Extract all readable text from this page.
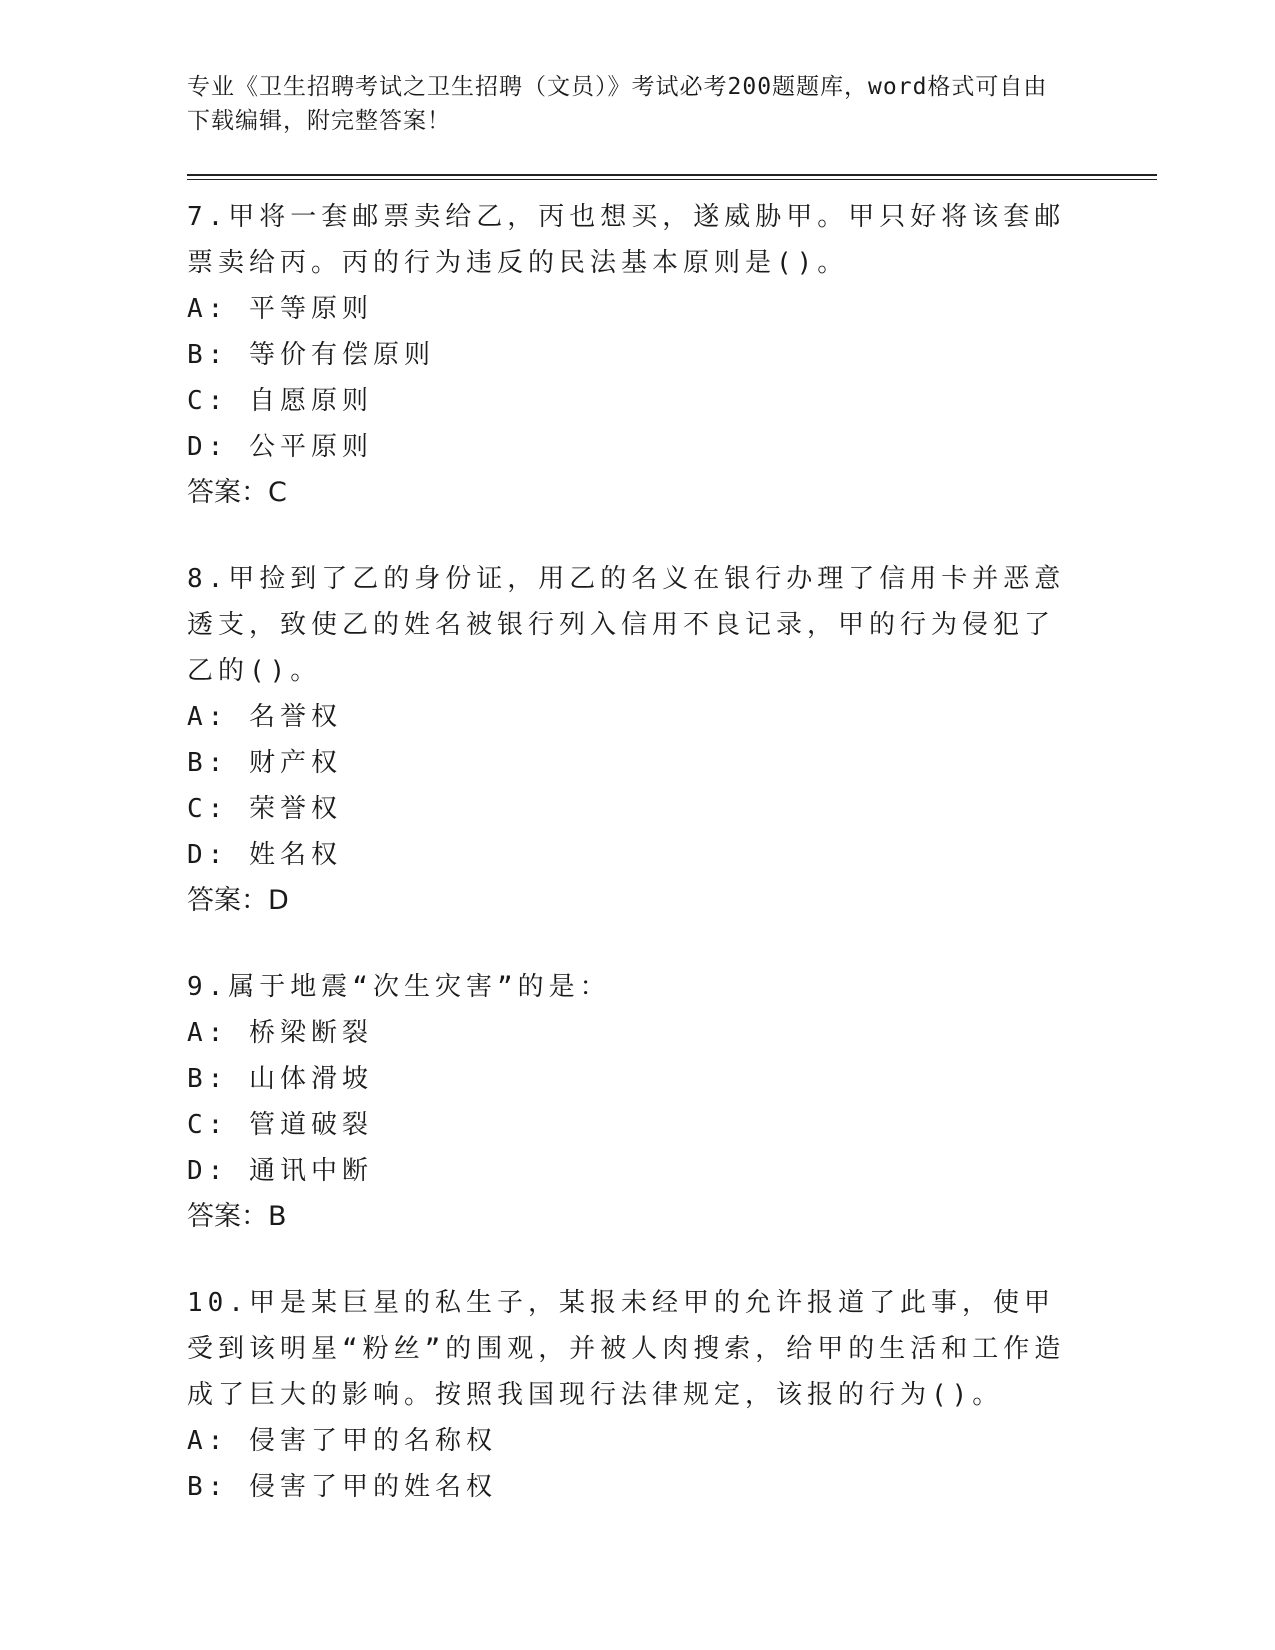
专业《卫生招聘考试之卫生招聘（文员）》考试必考200题题库，word格式可自由下载编辑，附完整答案！

7.甲将一套邮票卖给乙，丙也想买，遂威胁甲。甲只好将该套邮票卖给丙。丙的行为违反的民法基本原则是()。

A: 平等原则

B: 等价有偿原则

C: 自愿原则

D: 公平原则

答案：C

8.甲捡到了乙的身份证，用乙的名义在银行办理了信用卡并恶意透支，致使乙的姓名被银行列入信用不良记录，甲的行为侵犯了乙的()。

A: 名誉权

B: 财产权

C: 荣誉权

D: 姓名权

答案：D

9.属于地震“次生灾害”的是：

A: 桥梁断裂

B: 山体滑坡

C: 管道破裂

D: 通讯中断

答案：B

10.甲是某巨星的私生子，某报未经甲的允许报道了此事，使甲受到该明星“粉丝”的围观，并被人肉搜索，给甲的生活和工作造成了巨大的影响。按照我国现行法律规定，该报的行为()。

A: 侵害了甲的名称权

B: 侵害了甲的姓名权
